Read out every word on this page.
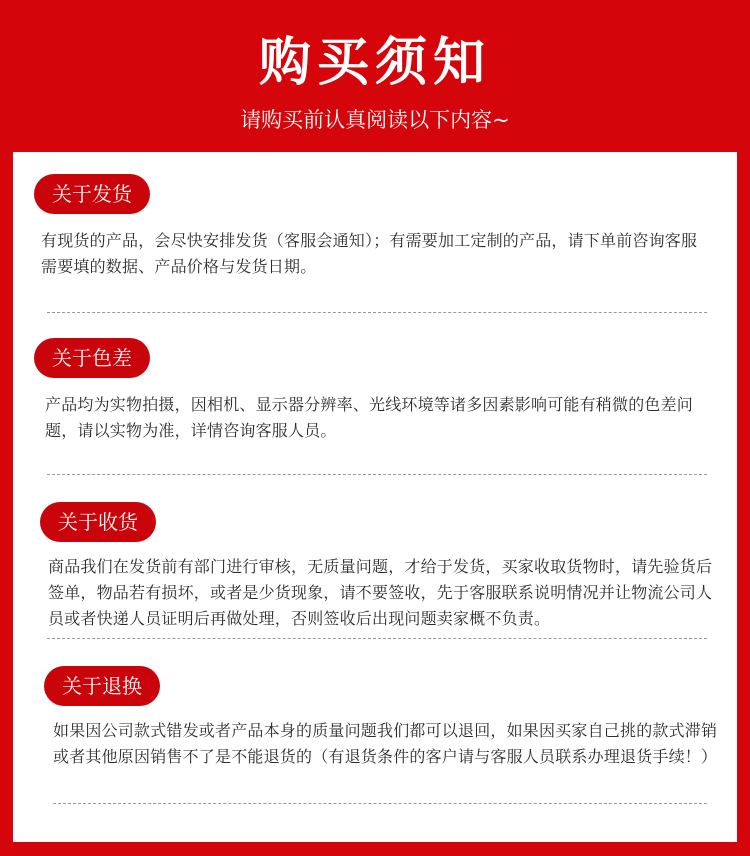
购买须知
请购买前认真阅读以下内容~
关于发货
有现货的产品，会尽快安排发货（客服会通知）；有需要加工定制的产品，请下单前咨询客服需要填的数据、产品价格与发货日期。
关于色差
产品均为实物拍摄，因相机、显示器分辨率、光线环境等诸多因素影响可能有稍微的色差问题，请以实物为准，详情咨询客服人员。
关于收货
商品我们在发货前有部门进行审核，无质量问题，才给于发货，买家收取货物时，请先验货后签单，物品若有损坏，或者是少货现象，请不要签收，先于客服联系说明情况并让物流公司人员或者快递人员证明后再做处理，否则签收后出现问题卖家概不负责。
关于退换
如果因公司款式错发或者产品本身的质量问题我们都可以退回，如果因买家自己挑的款式滞销或者其他原因销售不了是不能退货的（有退货条件的客户请与客服人员联系办理退货手续！）
